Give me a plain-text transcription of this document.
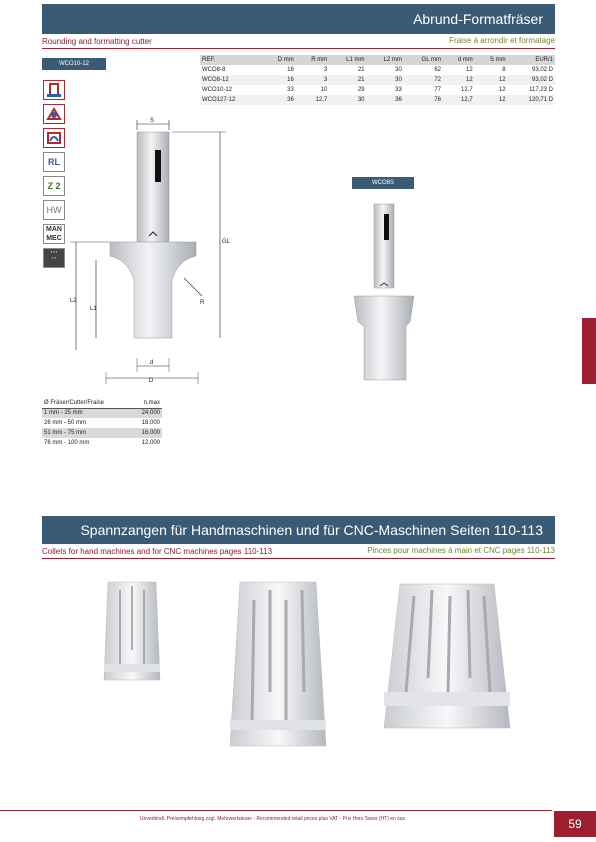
Abrund-Formatfräser
Rounding and formatting cutter	Fraise à arrondir et formatage
WCO10-12
RL
Z 2
HW
MAN MEC
▪ ▪ ▪
▪ ▪
REF.	D mm	R mm	L1 mm	L2 mm	GL mm	d mm	S mm	EUR/1
WCO8-8	16	3	21	30	62	12	8	93,02 D
WCO8-12	16	3	21	30	72	12	12	93,02 D
WCO10-12	33	10	29	33	77	12,7	12	117,23 D
WCO127-12	36	12,7	30	36	76	12,7	12	120,71 D
S
GL
L2
L1
R
d
D
WCO8S
Ø Fräser/Cutter/Fraise	n.max
1 mm - 25 mm	24.000
26 mm - 50 mm	18.000
51 mm - 75 mm	16.000
76 mm - 100 mm	12.000
Spannzangen für Handmaschinen und für CNC-Maschinen Seiten 110-113
Collets for hand machines and for CNC machines pages 110-113	Pinces pour machines à main et CNC pages 110-113
Unverbindl. Preisempfehlung zzgl. Mehrwertsteuer - Recommended retail prices plus VAT - Prix Hors Taxes (HT) en sus	59
